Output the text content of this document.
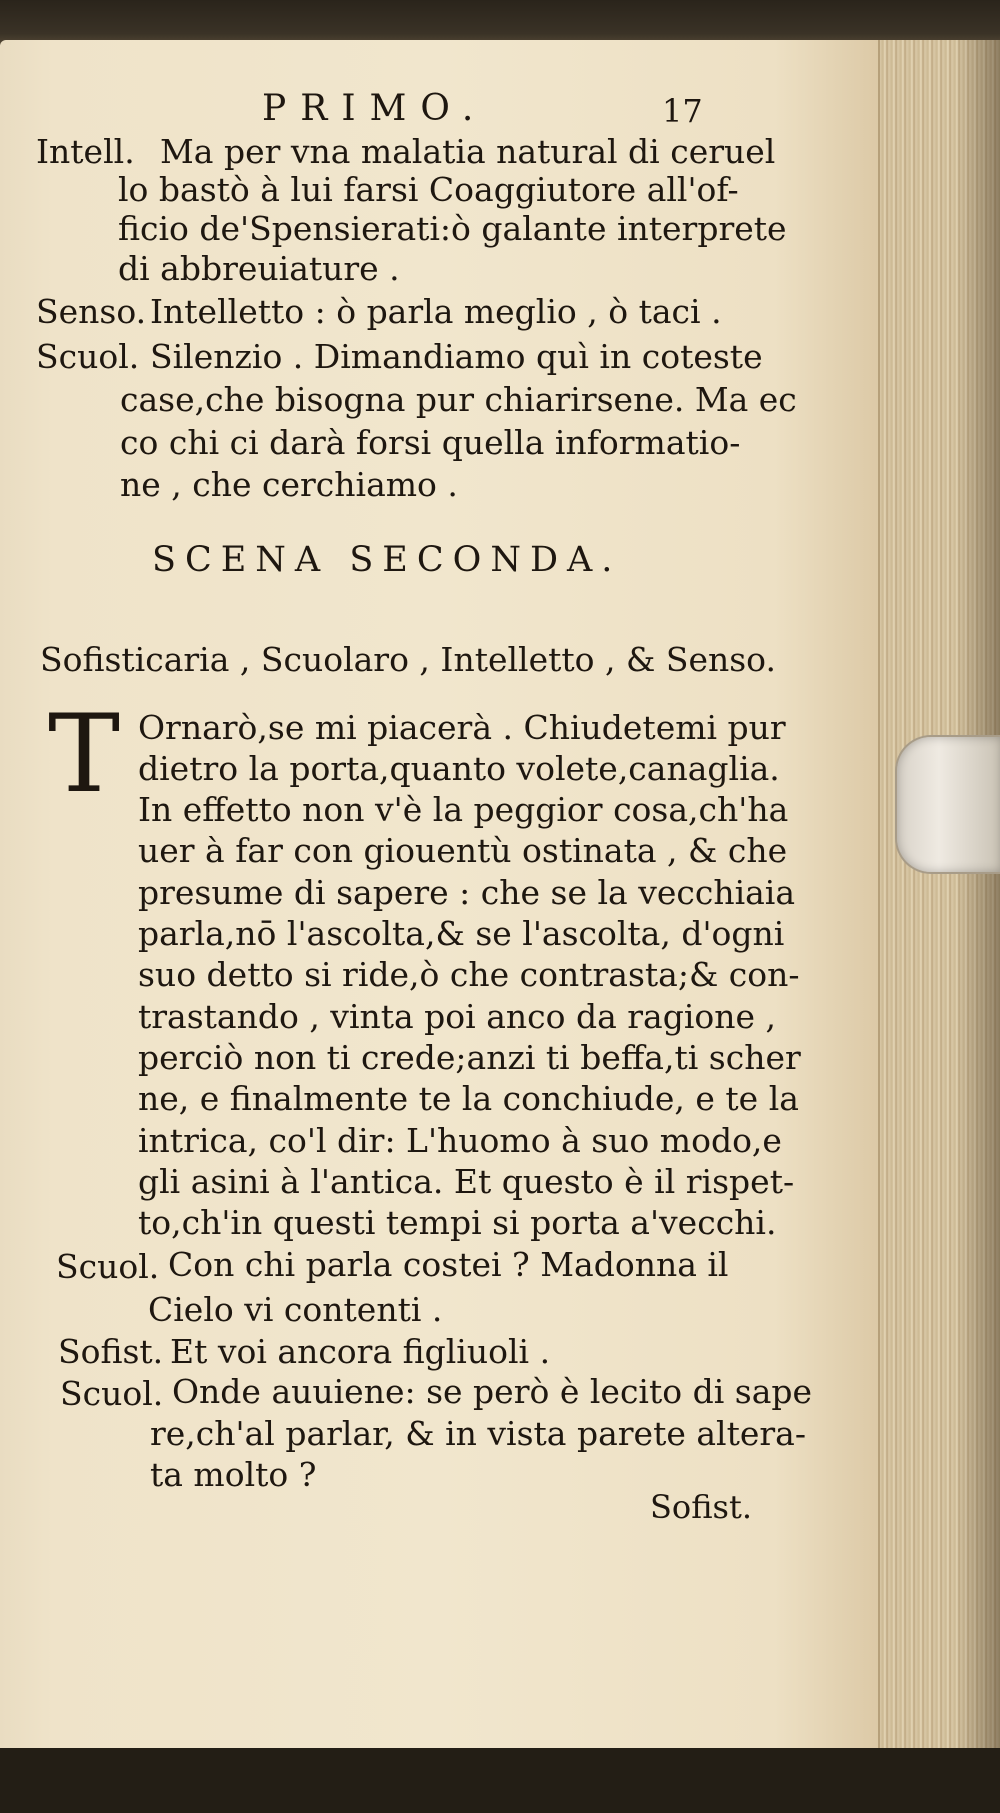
PRIMO.	17
Intell. Ma per vna malatia natural di ceruel
lo bastò à lui farsi Coaggiutore all'of-
ficio de'Spensierati:ò galante interprete
di abbreuiature .
Senso. Intelletto : ò parla meglio , ò taci .
Scuol. Silenzio . Dimandiamo quì in coteste
case,che bisogna pur chiarirsene. Ma ec
co chi ci darà forsi quella informatio-
ne , che cerchiamo .
SCENA SECONDA.
Sofisticaria , Scuolaro , Intelletto , & Senso.
T Ornarò,se mi piacerà . Chiudetemi pur
dietro la porta,quanto volete,canaglia.
In effetto non v'è la peggior cosa,ch'ha
uer à far con giouentù ostinata , & che
presume di sapere : che se la vecchiaia
parla,nō l'ascolta,& se l'ascolta, d'ogni
suo detto si ride,ò che contrasta;& con-
trastando , vinta poi anco da ragione ,
perciò non ti crede;anzi ti beffa,ti scher
ne, e finalmente te la conchiude, e te la
intrica, co'l dir: L'huomo à suo modo,e
gli asini à l'antica. Et questo è il rispet-
to,ch'in questi tempi si porta a'vecchi.
Scuol. Con chi parla costei ? Madonna il
Cielo vi contenti .
Sofist. Et voi ancora figliuoli .
Scuol. Onde auuiene: se però è lecito di sape
re,ch'al parlar, & in vista parete altera-
ta molto ?
Sofist.
